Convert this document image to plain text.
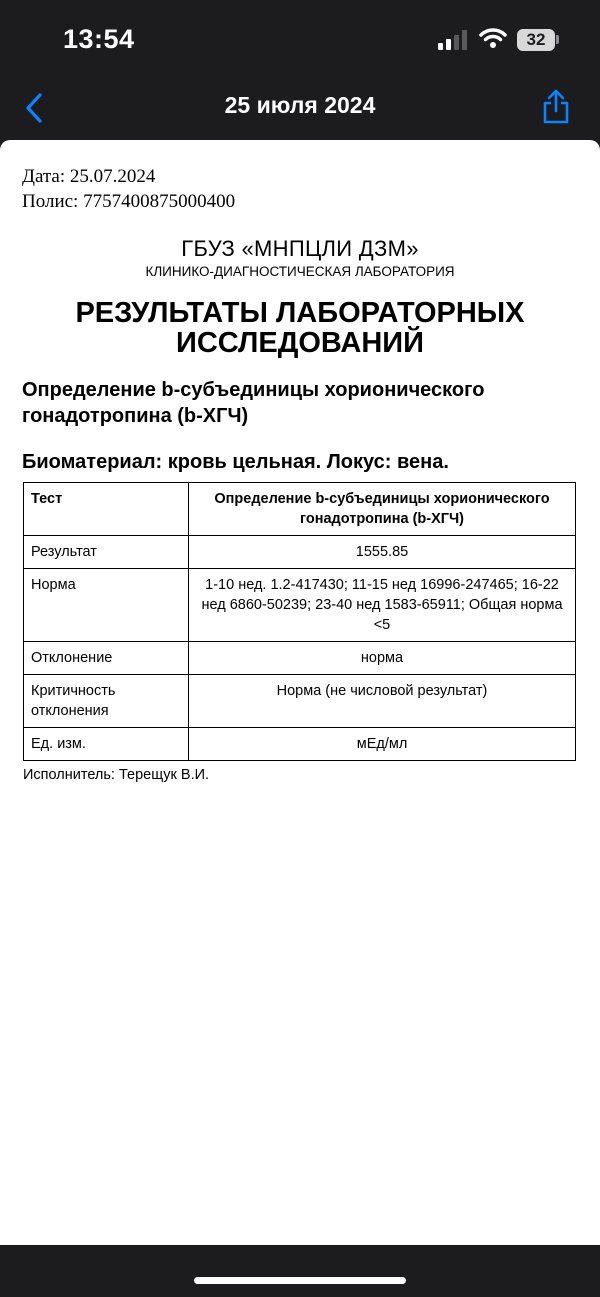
13:54	32
25 июля 2024
Дата: 25.07.2024
Полис: 7757400875000400
ГБУЗ «МНПЦЛИ ДЗМ»
КЛИНИКО-ДИАГНОСТИЧЕСКАЯ ЛАБОРАТОРИЯ
РЕЗУЛЬТАТЫ ЛАБОРАТОРНЫХ ИССЛЕДОВАНИЙ
Определение b-субъединицы хорионического гонадотропина (b-ХГЧ)
Биоматериал: кровь цельная. Локус: вена.
Тест	Определение b-субъединицы хорионического гонадотропина (b-ХГЧ)
Результат	1555.85
Норма	1-10 нед. 1.2-417430; 11-15 нед 16996-247465; 16-22 нед 6860-50239; 23-40 нед 1583-65911; Общая норма <5
Отклонение	норма
Критичность отклонения	Норма (не числовой результат)
Ед. изм.	мЕд/мл
Исполнитель: Терещук В.И.
